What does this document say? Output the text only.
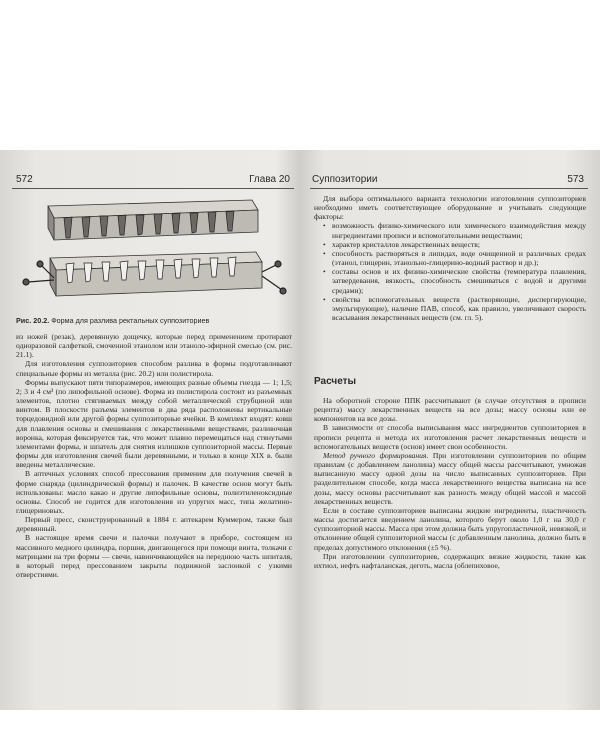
572	Глава 20
Рис. 20.2. Форма для разлива ректальных суппозиториев

из ножей (резак), деревянную дощечку, которые перед применением протирают одноразовой салфеткой, смоченной этанолом или этаноло-эфирной смесью (см. рис. 21.1).

Для изготовления суппозиториев способом разлива в формы подготавливают специальные формы из металла (рис. 20.2) или полистирола.

Формы выпускают пяти типоразмеров, имеющих разные объемы гнезда — 1; 1,5; 2; 3 и 4 см³ (по липофильной основе). Форма из полистирола состоит из разъемных элементов, плотно стягиваемых между собой металлической струбциной или винтом. В плоскости разъема элементов в два ряда расположены вертикальные торцедовидной или другой формы суппозиторные ячейки. В комплект входят: ковш для плавления основы и смешивания с лекарственными веществами, разливочная воронка, которая фиксируется так, что может плавно перемещаться над стянутыми элементами формы, и шпатель для снятия излишков суппозиторной массы. Первые формы для изготовления свечей были деревянными, и только в конце XIX в. были введены металлические.

В аптечных условиях способ прессования применим для получения свечей в форме снаряда (цилиндрической формы) и палочек. В качестве основ могут быть использованы: масло какао и другие липофильные основы, полиэтиленоксидные основы. Способ не годится для изготовления из упругих масс, типа желатино-глицериновых.

Первый пресс, сконструированный в 1884 г. аптекарем Куммером, также был деревянный.

В настоящее время свечи и палочки получают в приборе, состоящем из массивного медного цилиндра, поршня, двигающегося при помощи винта, толкачи с матрицами на три формы — свечи, навинчивающейся на переднюю часть шпиталя, в который перед прессованием закрыты подвижной заслонкой с узкими отверстиями.

Суппозитории	573

Для выбора оптимального варианта технологии изготовления суппозиториев необходимо иметь соответствующее оборудование и учитывать следующие факторы:

• возможность физико-химического или химического взаимодействия между ингредиентами прописи и вспомогательными веществами;
• характер кристаллов лекарственных веществ;
• способность растворяться в липидах, воде очищенной и различных средах (этанол, глицерин, этанольно-глицерино-водный раствор и др.);
• составы основ и их физико-химические свойства (температура плавления, затвердевания, вязкость, способность смешиваться с водой и другими средами);
• свойства вспомогательных веществ (растворяющие, диспергирующие, эмульгирующие), наличие ПАВ, способ, как правило, увеличивают скорость всасывания лекарственных веществ (см. гл. 5).
Расчеты

На оборотной стороне ППК рассчитывают (в случае отсутствия в прописи рецепта) массу лекарственных веществ на все дозы; массу основы или ее компонентов на все дозы.

В зависимости от способа выписывания масс ингредиентов суппозиториев в прописи рецепта и метода их изготовления расчет лекарственных веществ и вспомогательных веществ (основ) имеет свои особенности.

Метод ручного формирования. При изготовлении суппозиториев по общим правилам (с добавлением ланолина) массу общей массы рассчитывают, умножая выписанную массу одной дозы на число выписанных суппозиториев. При разделительном способе, когда масса лекарственного вещества выписана на все дозы, массу основы рассчитывают как разность между общей массой и массой лекарственных веществ.

Если в составе суппозиториев выписаны жидкие ингредиенты, пластичность массы достигается введением ланолина, которого берут около 1,0 г на 30,0 г суппозиторной массы. Масса при этом должна быть упругопластичной, невязкой, и отклонение общей суппозиторной массы (с добавленным ланолина, должно быть в пределах допустимого отклонения (±5 %).

При изготовлении суппозиториев, содержащих вязкие жидкости, такие как ихтиол, нефть нафталанская, деготь, масла (облепиховое,
